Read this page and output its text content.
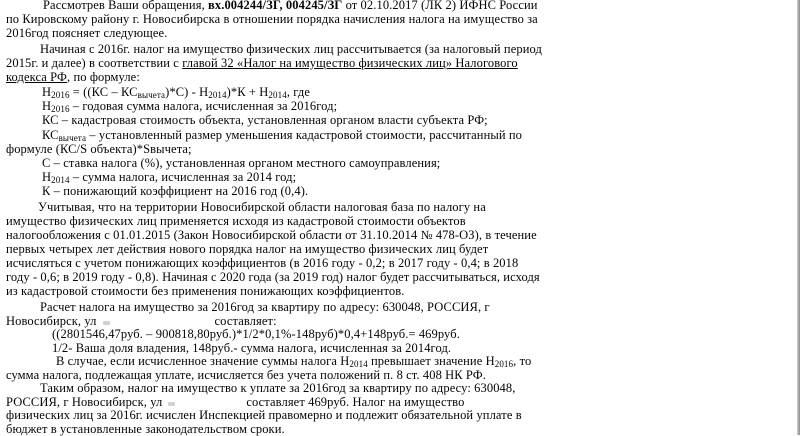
Рассмотрев Ваши обращения, вх.004244/ЗГ, 004245/ЗГ от 02.10.2017 (ЛК 2) ИФНС России
по Кировскому району г. Новосибирска в отношении порядка начисления налога на имущество за
2016год поясняет следующее.
Начиная с 2016г. налог на имущество физических лиц рассчитывается (за налоговый период
2015г. и далее) в соответствии с главой 32 «Налог на имущество физических лиц» Налогового
кодекса РФ, по формуле:
$Н_{2016} = ((КС - КС_{вычета})*С) - Н_{2014})*К + Н_{2014}$, где
$Н_{2016}$ – годовая сумма налога, исчисленная за 2016год;
КС – кадастровая стоимость объекта, установленная органом власти субъекта РФ;
$КС_{вычета}$ – установленный размер уменьшения кадастровой стоимости, рассчитанный по
формуле (КС/S объекта)*Sвычета;
С – ставка налога (%), установленная органом местного самоуправления;
$Н_{2014}$ – сумма налога, исчисленная за 2014 год;
К – понижающий коэффициент на 2016 год (0,4).
Учитывая, что на территории Новосибирской области налоговая база по налогу на
имущество физических лиц применяется исходя из кадастровой стоимости объектов
налогообложения с 01.01.2015 (Закон Новосибирской области от 31.10.2014 № 478-ОЗ), в течение
первых четырех лет действия нового порядка налог на имущество физических лиц будет
исчисляться с учетом понижающих коэффициентов (в 2016 году - 0,2; в 2017 году - 0,4; в 2018
году - 0,6; в 2019 году - 0,8). Начиная с 2020 года (за 2019 год) налог будет рассчитываться, исходя
из кадастровой стоимости без применения понижающих коэффициентов.
Расчет налога на имущество за 2016год за квартиру по адресу: 630048, РОССИЯ, г
Новосибирск, ул	составляет:
((2801546,47руб. – 900818,80руб.)*1/2*0,1%-148руб)*0,4+148руб.= 469руб.
1/2- Ваша доля владения, 148руб.- сумма налога, исчисленная за 2014год.
В случае, если исчисленное значение суммы налога $Н_{2014}$ превышает значение $Н_{2016}$, то
сумма налога, подлежащая уплате, исчисляется без учета положений п. 8 ст. 408 НК РФ.
Таким образом, налог на имущество к уплате за 2016год за квартиру по адресу: 630048,
РОССИЯ, г Новосибирск, ул	составляет 469руб. Налог на имущество
физических лиц за 2016г. исчислен Инспекцией правомерно и подлежит обязательной уплате в
бюджет в установленные законодательством сроки.
